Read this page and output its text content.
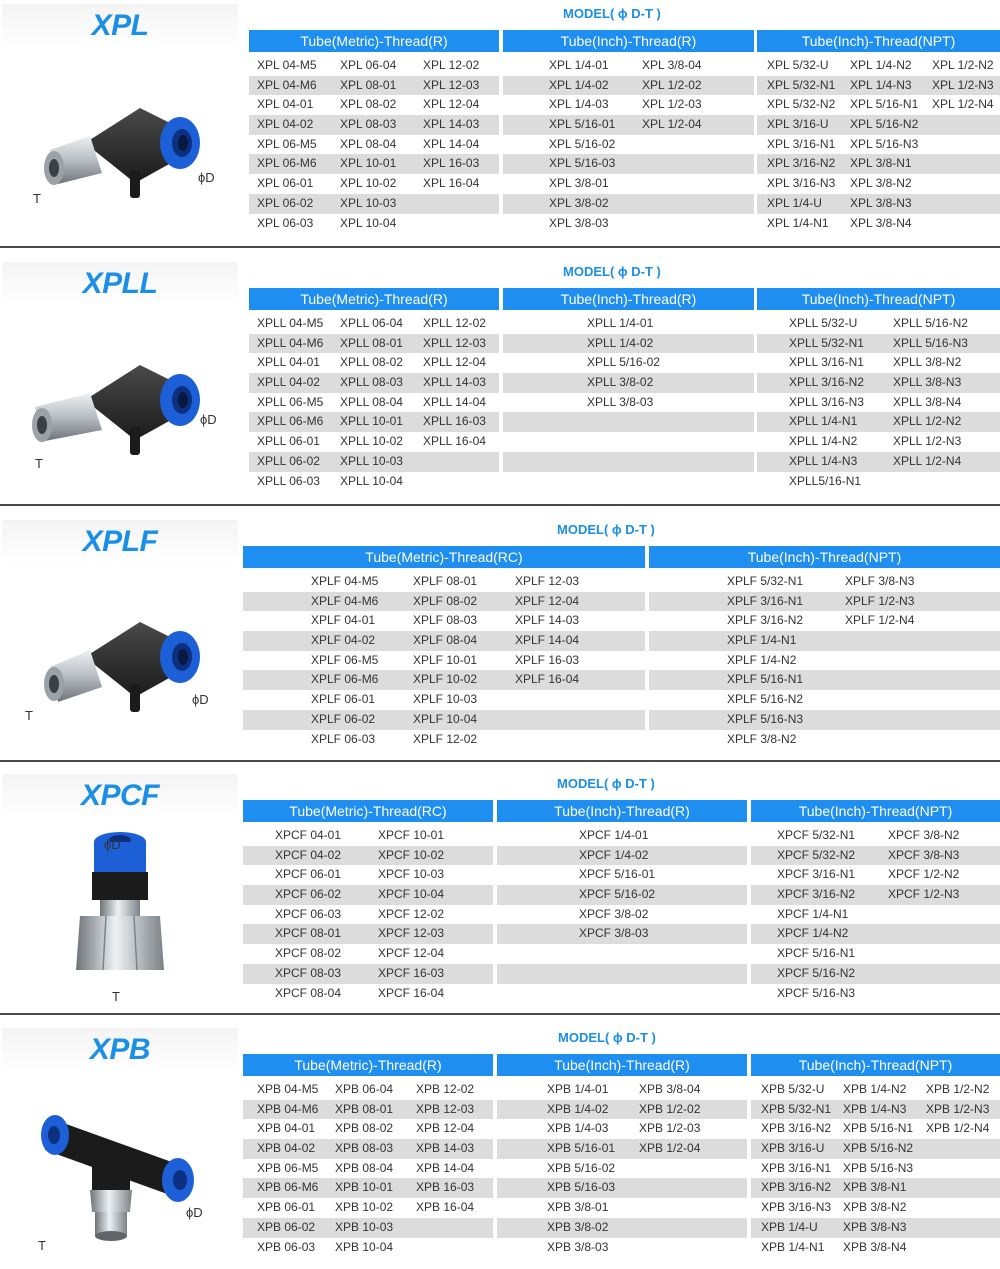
XPL	MODEL( ϕ D-T )
ϕD
T
Tube(Metric)-Thread(R)
XPL 04-M5 XPL 06-04 XPL 12-02
XPL 04-M6 XPL 08-01 XPL 12-03
XPL 04-01 XPL 08-02 XPL 12-04
XPL 04-02 XPL 08-03 XPL 14-03
XPL 06-M5 XPL 08-04 XPL 14-04
XPL 06-M6 XPL 10-01 XPL 16-03
XPL 06-01 XPL 10-02 XPL 16-04
XPL 06-02 XPL 10-03
XPL 06-03 XPL 10-04
Tube(Inch)-Thread(R)
XPL 1/4-01	XPL 3/8-04
XPL 1/4-02	XPL 1/2-02
XPL 1/4-03	XPL 1/2-03
XPL 5/16-01 XPL 1/2-04
XPL 5/16-02
XPL 5/16-03
XPL 3/8-01
XPL 3/8-02
XPL 3/8-03
Tube(Inch)-Thread(NPT)
XPL 5/32-U XPL 1/4-N2 XPL 1/2-N2
XPL 5/32-N1 XPL 1/4-N3 XPL 1/2-N3
XPL 5/32-N2 XPL 5/16-N1 XPL 1/2-N4
XPL 3/16-U XPL 5/16-N2
XPL 3/16-N1 XPL 5/16-N3
XPL 3/16-N2 XPL 3/8-N1
XPL 3/16-N3 XPL 3/8-N2
XPL 1/4-U XPL 3/8-N3
XPL 1/4-N1 XPL 3/8-N4
XPLL	MODEL( ϕ D-T )
ϕD
T
Tube(Metric)-Thread(R)
XPLL 04-M5 XPLL 06-04 XPLL 12-02
XPLL 04-M6 XPLL 08-01 XPLL 12-03
XPLL 04-01 XPLL 08-02 XPLL 12-04
XPLL 04-02 XPLL 08-03 XPLL 14-03
XPLL 06-M5 XPLL 08-04 XPLL 14-04
XPLL 06-M6 XPLL 10-01 XPLL 16-03
XPLL 06-01 XPLL 10-02 XPLL 16-04
XPLL 06-02 XPLL 10-03
XPLL 06-03 XPLL 10-04
Tube(Inch)-Thread(R)
XPLL 1/4-01
XPLL 1/4-02
XPLL 5/16-02
XPLL 3/8-02
XPLL 3/8-03
Tube(Inch)-Thread(NPT)
XPLL 5/32-U	XPLL 5/16-N2
XPLL 5/32-N1 XPLL 5/16-N3
XPLL 3/16-N1 XPLL 3/8-N2
XPLL 3/16-N2 XPLL 3/8-N3
XPLL 3/16-N3 XPLL 3/8-N4
XPLL 1/4-N1	XPLL 1/2-N2
XPLL 1/4-N2	XPLL 1/2-N3
XPLL 1/4-N3	XPLL 1/2-N4
XPLL5/16-N1
XPLF	MODEL( ϕ D-T )
ϕD
T
Tube(Metric)-Thread(RC)
XPLF 04-M5	XPLF 08-01	XPLF 12-03
XPLF 04-M6	XPLF 08-02	XPLF 12-04
XPLF 04-01	XPLF 08-03	XPLF 14-03
XPLF 04-02	XPLF 08-04	XPLF 14-04
XPLF 06-M5	XPLF 10-01	XPLF 16-03
XPLF 06-M6	XPLF 10-02	XPLF 16-04
XPLF 06-01	XPLF 10-03
XPLF 06-02	XPLF 10-04
XPLF 06-03	XPLF 12-02
Tube(Inch)-Thread(NPT)
XPLF 5/32-N1	XPLF 3/8-N3
XPLF 3/16-N1	XPLF 1/2-N3
XPLF 3/16-N2	XPLF 1/2-N4
XPLF 1/4-N1
XPLF 1/4-N2
XPLF 5/16-N1
XPLF 5/16-N2
XPLF 5/16-N3
XPLF 3/8-N2
XPCF	MODEL( ϕ D-T )
ϕD
T
Tube(Metric)-Thread(RC)
XPCF 04-01	XPCF 10-01
XPCF 04-02	XPCF 10-02
XPCF 06-01	XPCF 10-03
XPCF 06-02	XPCF 10-04
XPCF 06-03	XPCF 12-02
XPCF 08-01	XPCF 12-03
XPCF 08-02	XPCF 12-04
XPCF 08-03	XPCF 16-03
XPCF 08-04	XPCF 16-04
Tube(Inch)-Thread(R)
XPCF 1/4-01
XPCF 1/4-02
XPCF 5/16-01
XPCF 5/16-02
XPCF 3/8-02
XPCF 3/8-03
Tube(Inch)-Thread(NPT)
XPCF 5/32-N1	XPCF 3/8-N2
XPCF 5/32-N2	XPCF 3/8-N3
XPCF 3/16-N1	XPCF 1/2-N2
XPCF 3/16-N2	XPCF 1/2-N3
XPCF 1/4-N1
XPCF 1/4-N2
XPCF 5/16-N1
XPCF 5/16-N2
XPCF 5/16-N3
XPB	MODEL( ϕ D-T )
ϕD
T
Tube(Metric)-Thread(R)
XPB 04-M5 XPB 06-04 XPB 12-02
XPB 04-M6 XPB 08-01 XPB 12-03
XPB 04-01 XPB 08-02 XPB 12-04
XPB 04-02 XPB 08-03 XPB 14-03
XPB 06-M5 XPB 08-04 XPB 14-04
XPB 06-M6 XPB 10-01 XPB 16-03
XPB 06-01 XPB 10-02 XPB 16-04
XPB 06-02 XPB 10-03
XPB 06-03 XPB 10-04
Tube(Inch)-Thread(R)
XPB 1/4-01	XPB 3/8-04
XPB 1/4-02	XPB 1/2-02
XPB 1/4-03	XPB 1/2-03
XPB 5/16-01 XPB 1/2-04
XPB 5/16-02
XPB 5/16-03
XPB 3/8-01
XPB 3/8-02
XPB 3/8-03
Tube(Inch)-Thread(NPT)
XPB 5/32-U XPB 1/4-N2 XPB 1/2-N2
XPB 5/32-N1 XPB 1/4-N3 XPB 1/2-N3
XPB 3/16-N2 XPB 5/16-N1 XPB 1/2-N4
XPB 3/16-U XPB 5/16-N2
XPB 3/16-N1 XPB 5/16-N3
XPB 3/16-N2 XPB 3/8-N1
XPB 3/16-N3 XPB 3/8-N2
XPB 1/4-U XPB 3/8-N3
XPB 1/4-N1 XPB 3/8-N4
